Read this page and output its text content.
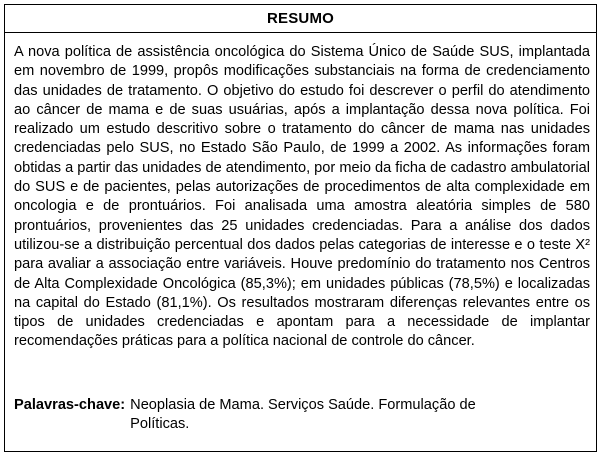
RESUMO

A nova política de assistência oncológica do Sistema Único de Saúde SUS, implantada em novembro de 1999, propôs modificações substanciais na forma de credenciamento das unidades de tratamento. O objetivo do estudo foi descrever o perfil do atendimento ao câncer de mama e de suas usuárias, após a implantação dessa nova política. Foi realizado um estudo descritivo sobre o tratamento do câncer de mama nas unidades credenciadas pelo SUS, no Estado São Paulo, de 1999 a 2002. As informações foram obtidas a partir das unidades de atendimento, por meio da ficha de cadastro ambulatorial do SUS e de pacientes, pelas autorizações de procedimentos de alta complexidade em oncologia e de prontuários. Foi analisada uma amostra aleatória simples de 580 prontuários, provenientes das 25 unidades credenciadas. Para a análise dos dados utilizou-se a distribuição percentual dos dados pelas categorias de interesse e o teste X² para avaliar a associação entre variáveis. Houve predomínio do tratamento nos Centros de Alta Complexidade Oncológica (85,3%); em unidades públicas (78,5%) e localizadas na capital do Estado (81,1%). Os resultados mostraram diferenças relevantes entre os tipos de unidades credenciadas e apontam para a necessidade de implantar recomendações práticas para a política nacional de controle do câncer.

Palavras-chave: Neoplasia de Mama. Serviços Saúde. Formulação de Políticas.
